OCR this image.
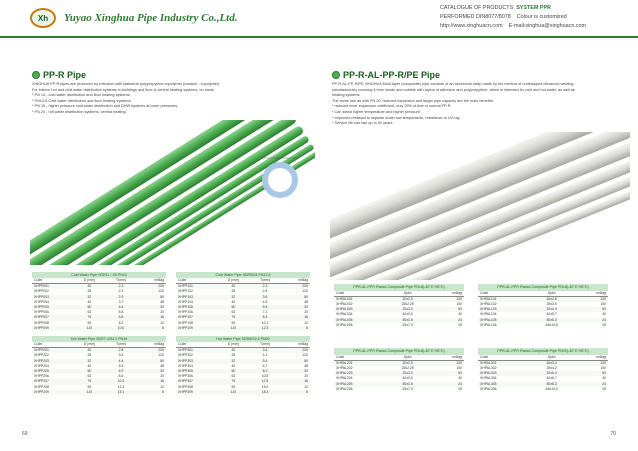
Xh Yuyao Xinghua Pipe Industry Co.,Ltd.
CATALOGUE OF PRODUCTS SYSTEM PPR
PERFORMED DIN8077/8078 Colour is customized
http://www.xinghuacn.com E-mail:xinghua@xinghuacn.com
PP-R Pipe
XINGHUA PP-R pipes are produced by extrusion with statistical polypropylene copolymer (random - copolymer)
For interior hot and cold water distribution systems in buildings and floor & central heating systems, on ducts
* PN 10 - cold water distribution and floor heating systems;
* PN12.5-Cold water distribution and floor heating systems;
* PN 16 - higher pressure cold water distribution and DHW systems at lower pressures,
* PN 20 - hot water distribution systems, central heating.
Cold Water Pipe SDR11 / S5 PN10
Code	D (mm)	T(mm)	m/Bag
XHPP001	20	2.3	200
XHPP002	25	2.3	120
XHPP003	32	2.9	80
XHPP004	40	3.7	48
XHPP005	50	4.6	32
XHPP006	63	5.8	20
XHPP007	75	6.8	16
XHPP008	90	8.2	12
XHPP009	110	10.0	8
Cold Water Pipe SDR9/S4 PN12.5
Code	D (mm)	T(mm)	m/Bag
XHPP101	20	2.3	200
XHPP102	25	2.8	120
XHPP103	32	3.6	80
XHPP104	40	4.5	48
XHPP105	50	5.6	32
XHPP106	63	7.1	20
XHPP107	75	8.4	16
XHPP108	90	10.1	12
XHPP109	110	12.3	8
Hot Water Pipe SDR7.4/S3.2 PN16
Code	D (mm)	T(mm)	m/Bag
XHPP201	20	2.8	200
XHPP202	25	3.5	120
XHPP203	32	4.4	80
XHPP204	40	5.5	48
XHPP205	50	6.9	32
XHPP206	63	8.6	20
XHPP207	75	10.3	16
XHPP208	90	12.3	12
XHPP209	110	15.1	8
Hot Water Pipe SDR6/S2.5 PN20
Code	D (mm)	T(mm)	m/Bag
XHPP301	20	3.4	200
XHPP302	25	4.2	120
XHPP303	32	5.4	80
XHPP304	40	6.7	48
XHPP305	50	8.3	32
XHPP306	63	10.5	20
XHPP307	75	12.5	16
XHPP308	90	15.0	12
XHPP309	110	18.3	8
69
PP-R-AL-PP-R/PE Pipe
PP-R-AL-PP-R/PE XINGHUA Multi-layer (composite) pipe consists of an aluminium strap made by the method of undelapped ultrasonic welding,
simultaneously covering it from inside and outside with layers of adhesive and polypropylene, which is intended for cold and hot water, as well as
heating systems.
The same use as with PN 20, reduced expansion and larger pipe capacity are the main benefits.
* reduced inner expansion coefficient, only 25% of that of normal PP-R.
* Can stand higher temperature and higher pressure.
* Improved resistant to impulse under low temperature, resistance to UV-ray.
* Service life can last up to 50 years.
PPR-AL-PPR Plastic Composite Pipe PN16(-40°C~95°C)
Code	Spec	m/Bag
XHPAL001	20x2.0	120
XHPAL002	25x2.25	100
XHPAL003	32x3.0	60
XHPAL004	40x3.0	40
XHPAL005	50x3.5	24
XHPAL006	63x7.0	20
PPR-AL-PPR Plastic Composite Pipe PN16(-40°C~95°C)
Code	Spec	m/Bag
XHPAL101	20x2.8	120
XHPAL102	25x3.5	100
XHPAL103	32x4.4	60
XHPAL104	40x5.7	40
XHPAL105	50x6.3	24
XHPAL106	63x10.5	20
PPR-AL-PPR Plastic Composite Pipe PN16(-40°C~95°C)
Code	Spec	m/Bag
XHPAL201	20x2.0	120
XHPAL202	25x2.25	100
XHPAL203	32x3.0	60
XHPAL204	40x3.0	40
XHPAL205	50x3.5	24
XHPAL206	63x7.0	20
PPR-AL-PPR Plastic Composite Pipe PN20(-40°C~95°C)
Code	Spec	m/Bag
XHPAL301	20x3.4	120
XHPAL302	25x4.2	100
XHPAL303	32x5.4	60
XHPAL304	40x6.7	40
XHPAL305	50x8.3	24
XHPAL306	63x10.5	20
70
